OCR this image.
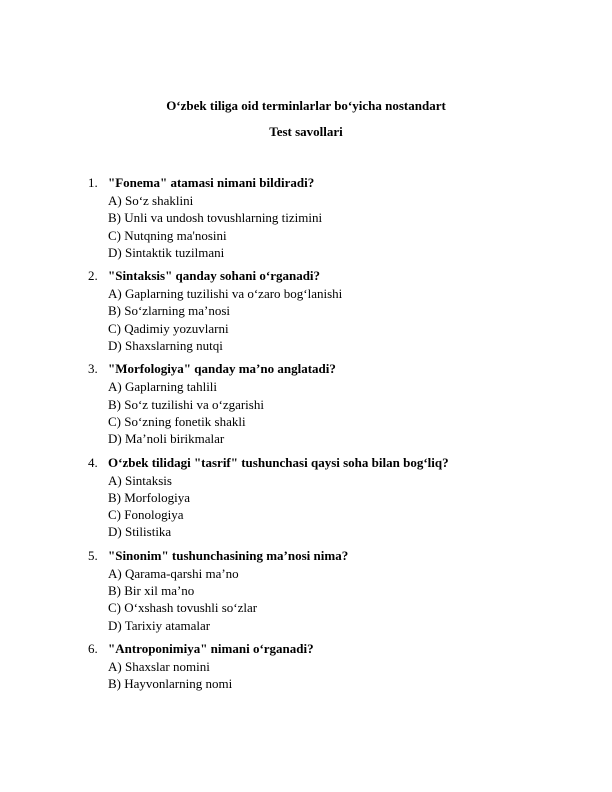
O‘zbek tiliga oid terminlarlar bo‘yicha nostandart
Test savollari
1. "Fonema" atamasi nimani bildiradi?
A) So‘z shaklini
B) Unli va undosh tovushlarning tizimini
C) Nutqning ma'nosini
D) Sintaktik tuzilmani
2. "Sintaksis" qanday sohani o‘rganadi?
A) Gaplarning tuzilishi va o‘zaro bog‘lanishi
B) So‘zlarning ma’nosi
C) Qadimiy yozuvlarni
D) Shaxslarning nutqi
3. "Morfologiya" qanday ma’no anglatadi?
A) Gaplarning tahlili
B) So‘z tuzilishi va o‘zgarishi
C) So‘zning fonetik shakli
D) Ma’noli birikmalar
4. O‘zbek tilidagi "tasrif" tushunchasi qaysi soha bilan bog‘liq?
A) Sintaksis
B) Morfologiya
C) Fonologiya
D) Stilistika
5. "Sinonim" tushunchasining ma’nosi nima?
A) Qarama-qarshi ma’no
B) Bir xil ma’no
C) O‘xshash tovushli so‘zlar
D) Tarixiy atamalar
6. "Antroponimiya" nimani o‘rganadi?
A) Shaxslar nomini
B) Hayvonlarning nomi
